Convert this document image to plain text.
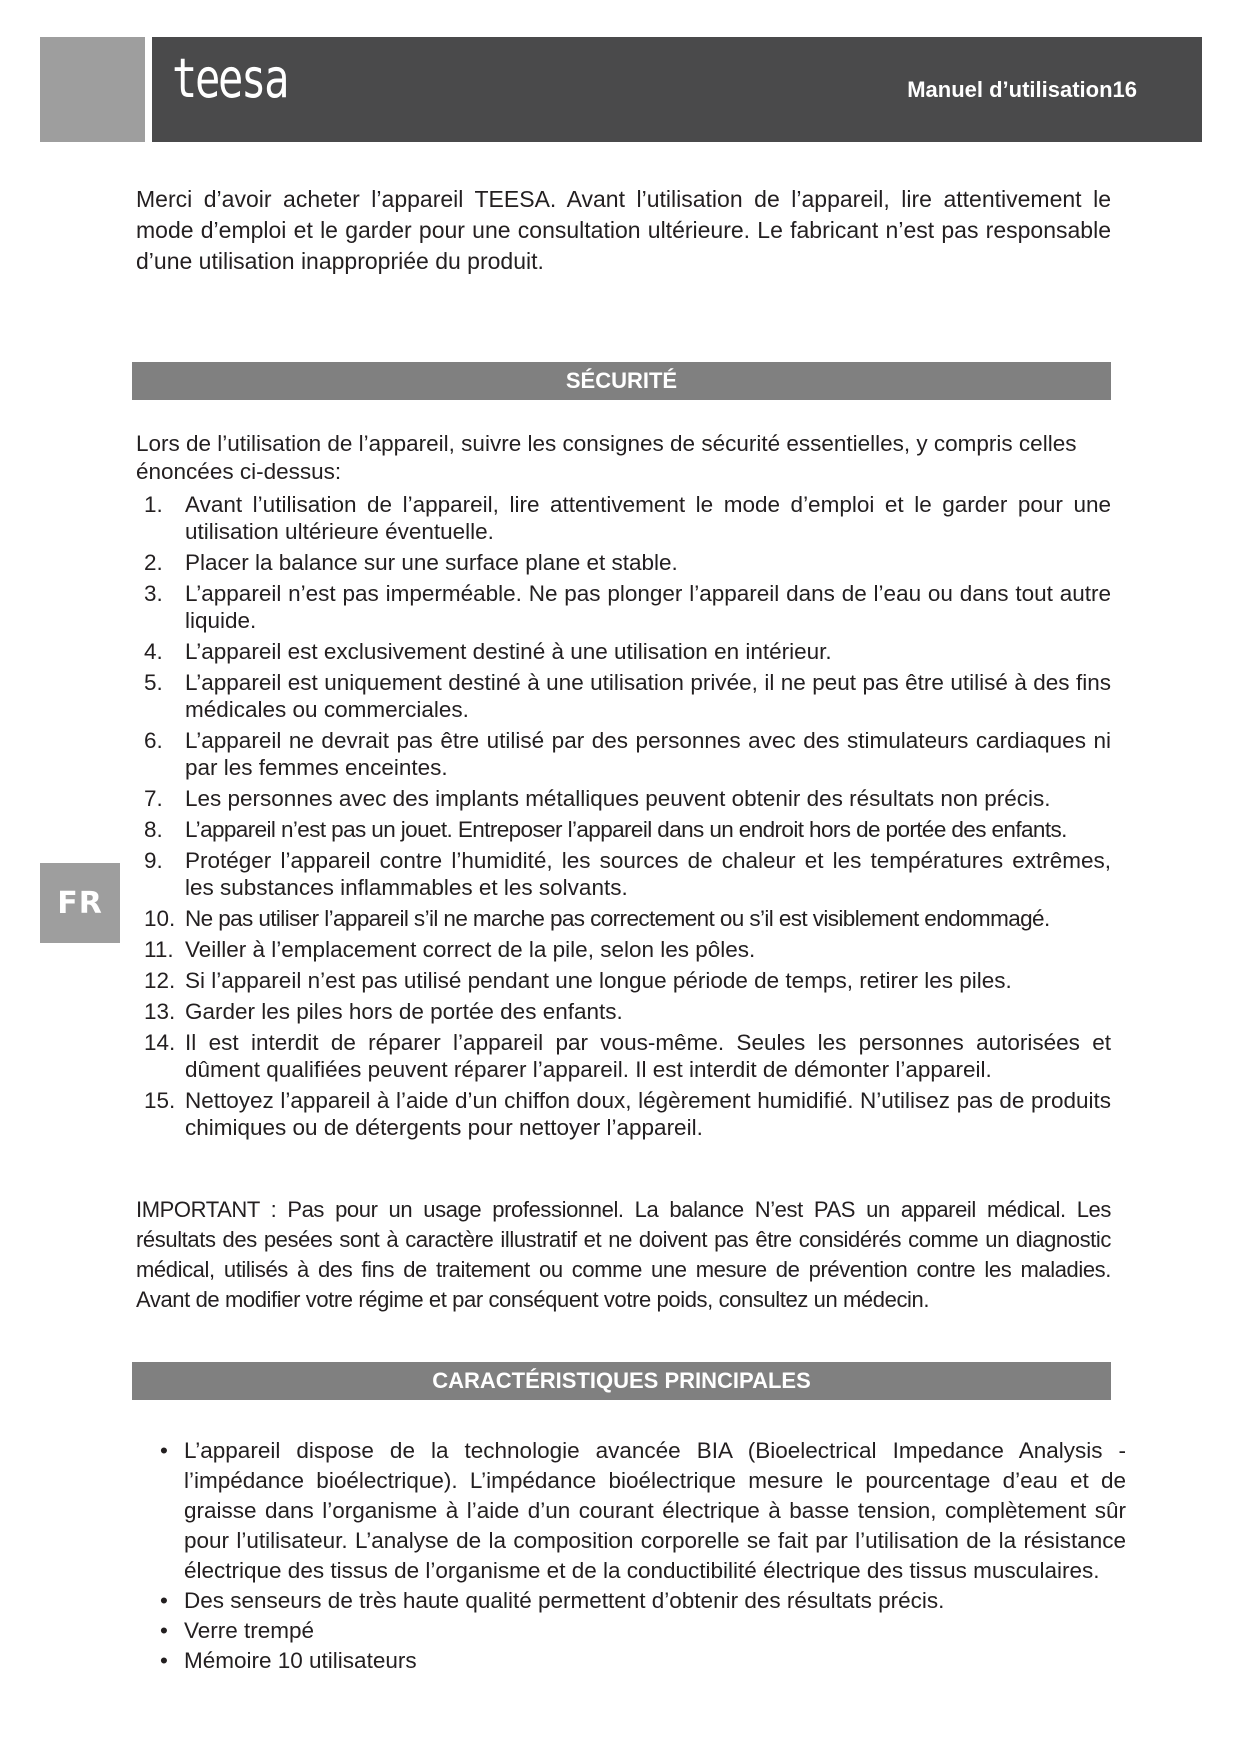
teesa	Manuel d’utilisation16
FR

Merci d’avoir acheter l’appareil TEESA. Avant l’utilisation de l’appareil, lire attentivement le mode d’emploi et le garder pour une consultation ultérieure. Le fabricant n’est pas responsable d’une utilisation inappropriée du produit.

SÉCURITÉ

Lors de l’utilisation de l’appareil, suivre les consignes de sécurité essentielles, y compris celles énoncées ci-dessus:

1. Avant l’utilisation de l’appareil, lire attentivement le mode d’emploi et le garder pour une utilisation ultérieure éventuelle.
2. Placer la balance sur une surface plane et stable.
3. L’appareil n’est pas imperméable. Ne pas plonger l’appareil dans de l’eau ou dans tout autre liquide.
4. L’appareil est exclusivement destiné à une utilisation en intérieur.
5. L’appareil est uniquement destiné à une utilisation privée, il ne peut pas être utilisé à des fins médicales ou commerciales.
6. L’appareil ne devrait pas être utilisé par des personnes avec des stimulateurs cardiaques ni par les femmes enceintes.
7. Les personnes avec des implants métalliques peuvent obtenir des résultats non précis.
8. L’appareil n’est pas un jouet. Entreposer l’appareil dans un endroit hors de portée des enfants.
9. Protéger l’appareil contre l’humidité, les sources de chaleur et les températures extrêmes, les substances inflammables et les solvants.
10. Ne pas utiliser l’appareil s’il ne marche pas correctement ou s’il est visiblement endommagé.
11. Veiller à l’emplacement correct de la pile, selon les pôles.
12. Si l’appareil n’est pas utilisé pendant une longue période de temps, retirer les piles.
13. Garder les piles hors de portée des enfants.
14. Il est interdit de réparer l’appareil par vous-même. Seules les personnes autorisées et dûment qualifiées peuvent réparer l’appareil. Il est interdit de démonter l’appareil.
15. Nettoyez l’appareil à l’aide d’un chiffon doux, légèrement humidifié. N’utilisez pas de produits chimiques ou de détergents pour nettoyer l’appareil.

IMPORTANT : Pas pour un usage professionnel. La balance N’est PAS un appareil médical. Les résultats des pesées sont à caractère illustratif et ne doivent pas être considérés comme un diagnostic médical, utilisés à des fins de traitement ou comme une mesure de prévention contre les maladies. Avant de modifier votre régime et par conséquent votre poids, consultez un médecin.

CARACTÉRISTIQUES PRINCIPALES
• L’appareil dispose de la technologie avancée BIA (Bioelectrical Impedance Analysis - l’impédance bioélectrique). L’impédance bioélectrique mesure le pourcentage d’eau et de graisse dans l’organisme à l’aide d’un courant électrique à basse tension, complètement sûr pour l’utilisateur. L’analyse de la composition corporelle se fait par l’utilisation de la résistance électrique des tissus de l’organisme et de la conductibilité électrique des tissus musculaires.
• Des senseurs de très haute qualité permettent d’obtenir des résultats précis.
• Verre trempé
• Mémoire 10 utilisateurs
